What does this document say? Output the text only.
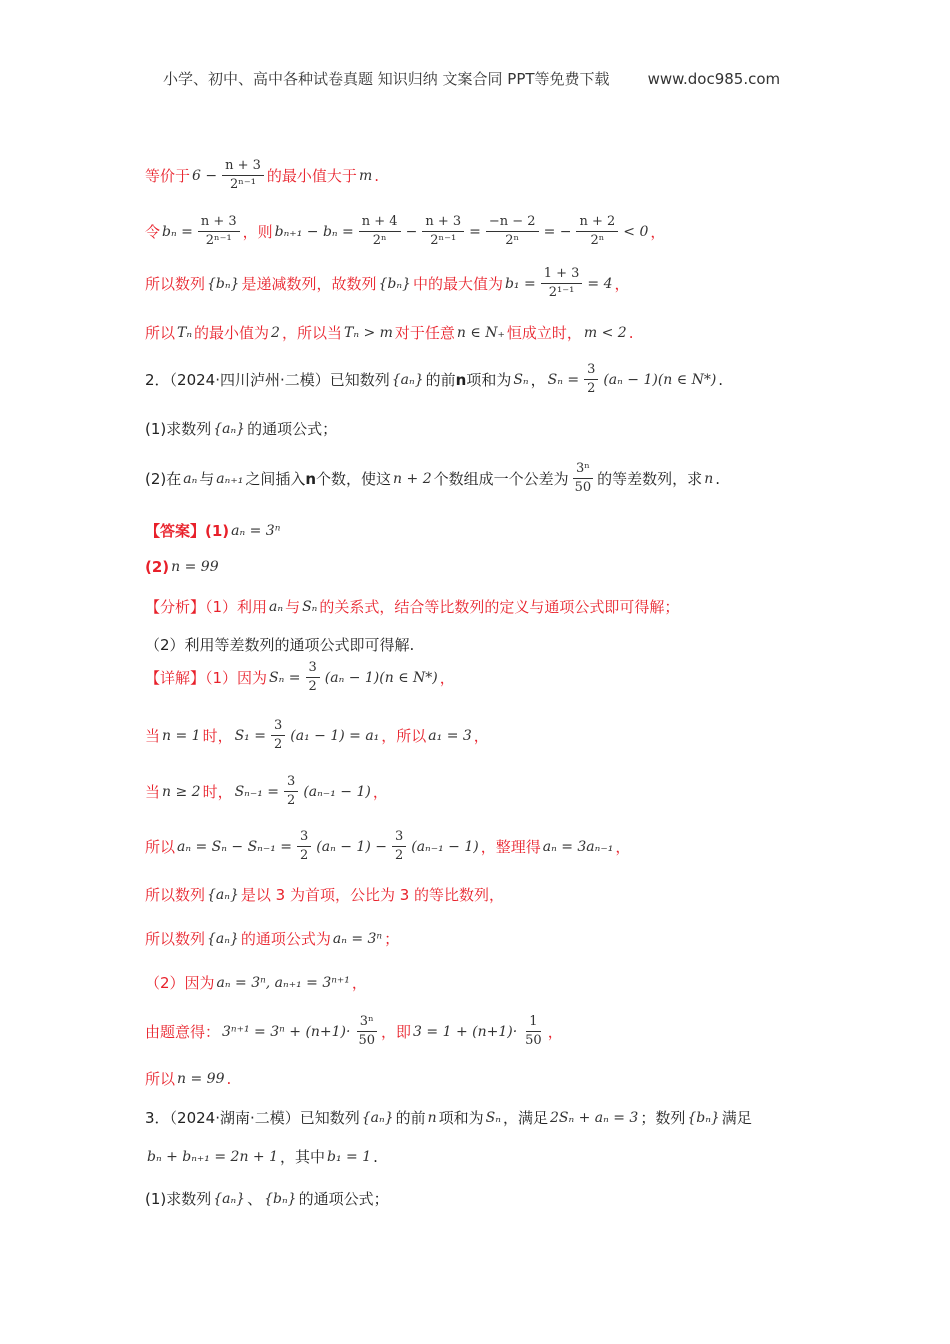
小学、初中、高中各种试卷真题 知识归纳 文案合同 PPT等免费下载	www.doc985.com
等价于 $6 - \frac{n + 3}{\text{2ⁿ⁻¹}}$ 的最小值大于 m .
令 $b_n = \frac{n + 3}{\text{2ⁿ⁻¹}}$ ，则 $b_{n+1} - b_n = \frac{n + 4}{\text{2ⁿ}} - \frac{n + 3}{\text{2ⁿ⁻¹}} = \frac{-n - 2}{\text{2ⁿ}}$ = − $\frac{n + 2}{\text{2ⁿ}} < 0$ ，
所以数列 {bₙ} 是递减数列，故数列 {bₙ} 中的最大值为 $b_1 = \frac{1 + 3}{\text{2¹⁻¹}} = 4$ ，
所以 Tₙ 的最小值为 2 ，所以当 Tₙ > m 对于任意 n ∈ N₊ 恒成立时， m < 2 .
2．（2024·四川泸州·二模）已知数列 {aₙ} 的前 n 项和为 Sₙ ， $S_n = \frac{3}{2} (a_n - 1)(n$ ∈ N*) .
(1)求数列 {aₙ} 的通项公式；
(2)在 aₙ 与 aₙ₊₁ 之间插入 n 个数，使这 n + 2 个数组成一个公差为 $\frac{\text{3ⁿ}}{50}$ 的等差数列，求 n .
【答案】(1) aₙ = 3ⁿ
(2) n = 99
【分析】（1）利用 aₙ 与 Sₙ 的关系式，结合等比数列的定义与通项公式即可得解；
（2）利用等差数列的通项公式即可得解.
【详解】（1）因为 $S_n = \frac{3}{2} (a_n - 1)(n$ ∈ N*) ，
当 n = 1 时， $S_1 = \frac{3}{2} (a_1 - 1) = a_1$ ，所以 a₁ = 3 ，
当 n ≥ 2 时， $S_{n-1} = \frac{3}{2} (a_{n-1} - 1)$ ，
所以 $a_n = S_n - S_{n-1} = \frac{3}{2} (a_n - 1) - \frac{3}{2} (a_{n-1} - 1)$ ，整理得 aₙ = 3aₙ₋₁ ，
所以数列 {aₙ} 是以 3 为首项，公比为 3 的等比数列，
所以数列 {aₙ} 的通项公式为 aₙ = 3ⁿ ；
（2）因为 aₙ = 3ⁿ, aₙ₊₁ = 3ⁿ⁺¹ ，
由题意得： $3^{n+1} = 3^n + (n+1)\cdot \frac{\text{3ⁿ}}{50}$ ，即 $3 = 1 + (n+1)\cdot \frac{1}{50}$ ，
所以 n = 99 .
3．（2024·湖南·二模）已知数列 {aₙ} 的前 n 项和为 Sₙ ，满足 2Sₙ + aₙ = 3 ；数列 {bₙ} 满足
bₙ + bₙ₊₁ = 2n + 1 ，其中 b₁ = 1 .
(1)求数列 {aₙ} 、 {bₙ} 的通项公式；
